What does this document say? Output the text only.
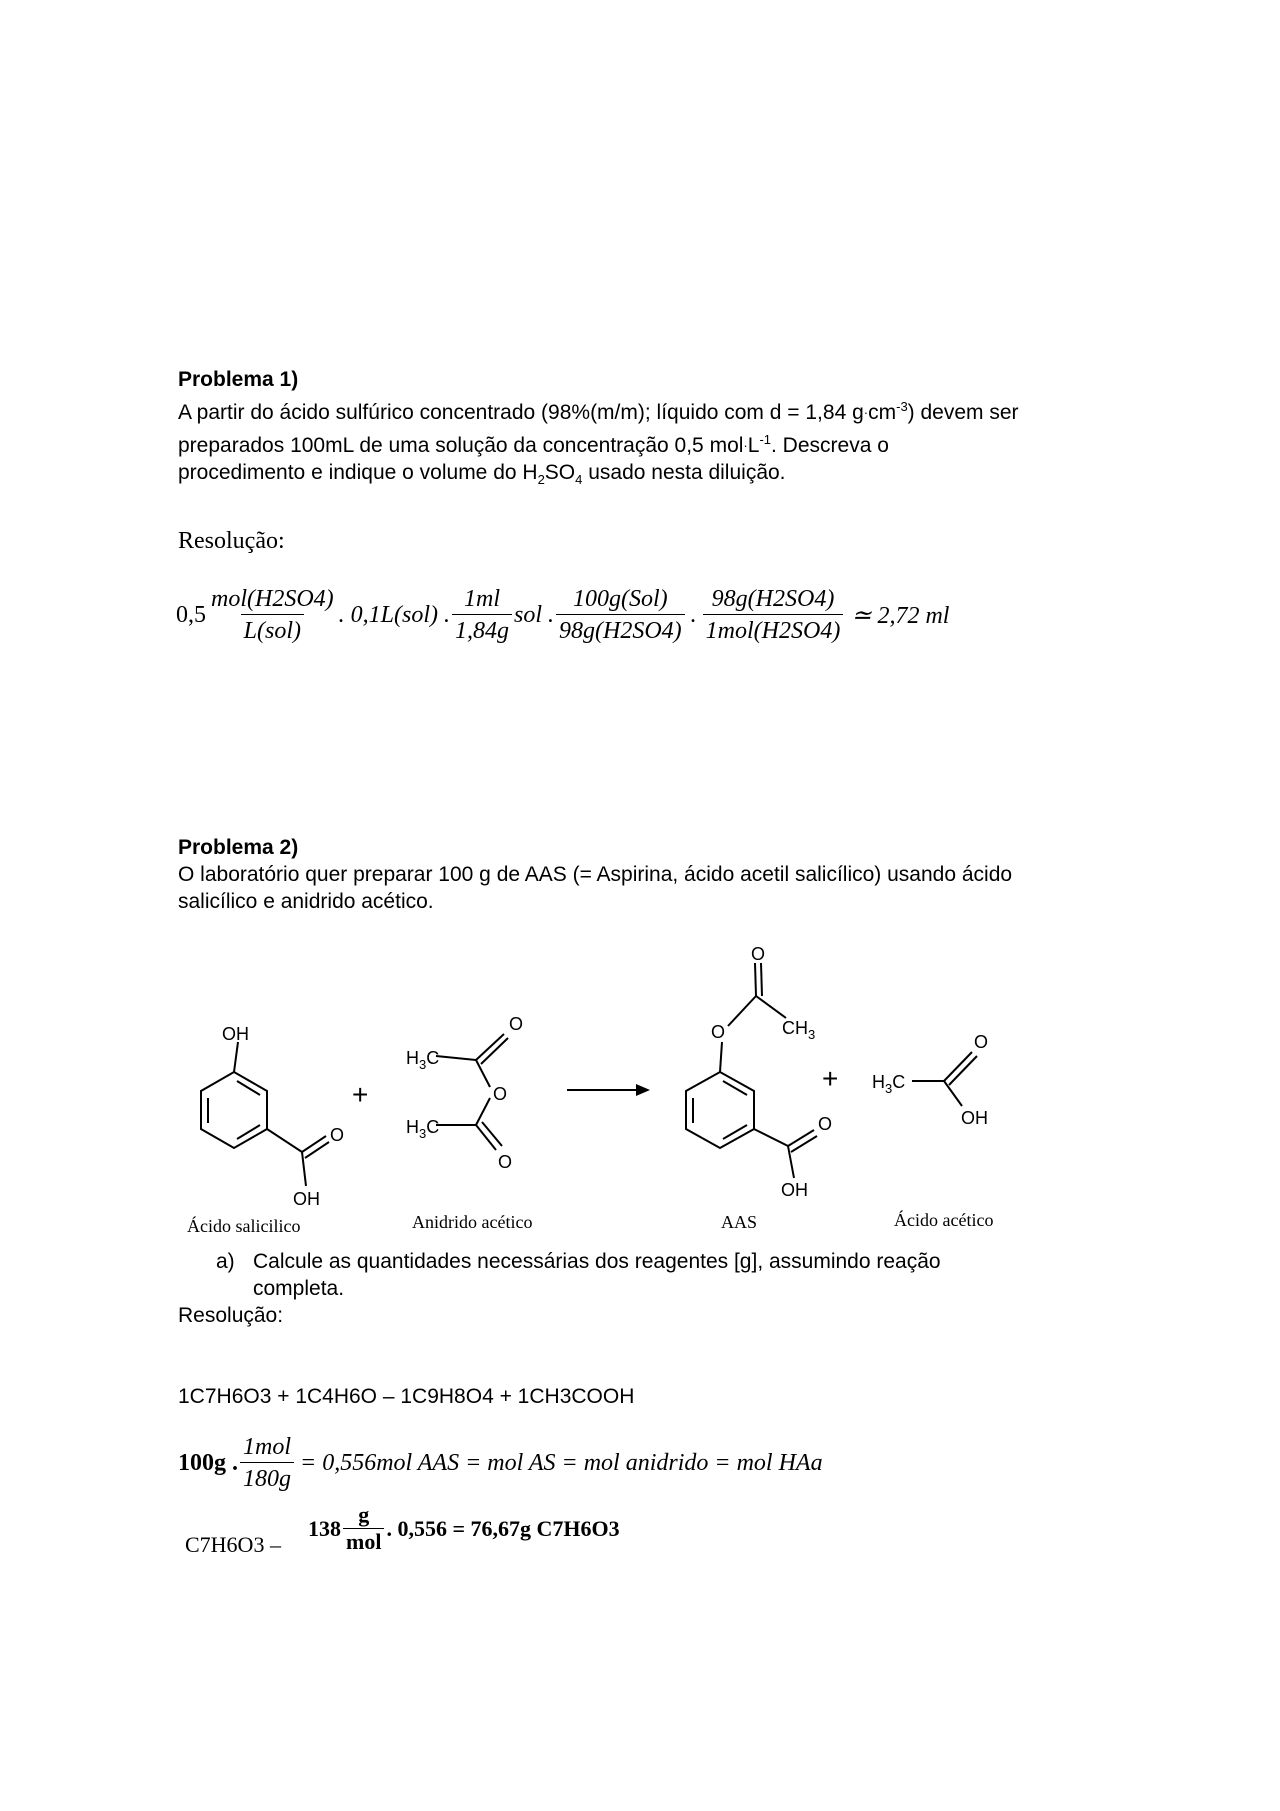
Problema 1)
A partir do ácido sulfúrico concentrado (98%(m/m); líquido com d = 1,84 $g\cdot cm^{-3}$) devem ser
preparados 100mL de uma solução da concentração 0,5 $mol\cdot L^{-1}$. Descreva o
procedimento e indique o volume do $H_2SO_4$ usado nesta diluição.
Resolução:
$0,5 \frac{\text{mol(H2SO4)}}{\text{L(sol)}}$ . 0,1L(sol) . $\frac{1ml}{1,84g}$ sol . $\frac{\text{100g(Sol)}}{98g(H2SO4)}$ . $\frac{98g(H2SO4)}{\text{1mol(H2SO4)}}$ ≃ 2,72 ml
Problema 2)
O laboratório quer preparar 100 g de AAS (= Aspirina, ácido acetil salicílico) usando ácido
salicílico e anidrido acético.
OH
O
OH
O
$H_3C$
O
$H_3C$
O
O
O	$CH_3$
O
OH
$H_3C$
O
OH
+
+
Ácido salicilico	Anidrido acético	AAS	Ácido acético
a) Calcule as quantidades necessárias dos reagentes [g], assumindo reação
completa.
Resolução:
1C7H6O3 + 1C4H6O – 1C9H8O4 + 1CH3COOH
100g . $\frac{\text{1mol}}{180g} = 0,556mol$ AAS = mol AS = mol anidrido = mol HAa
C7H6O3 –
$138 \frac{g}{\text{mol}}$ . 0,556 = 76,67g C7H6O3
